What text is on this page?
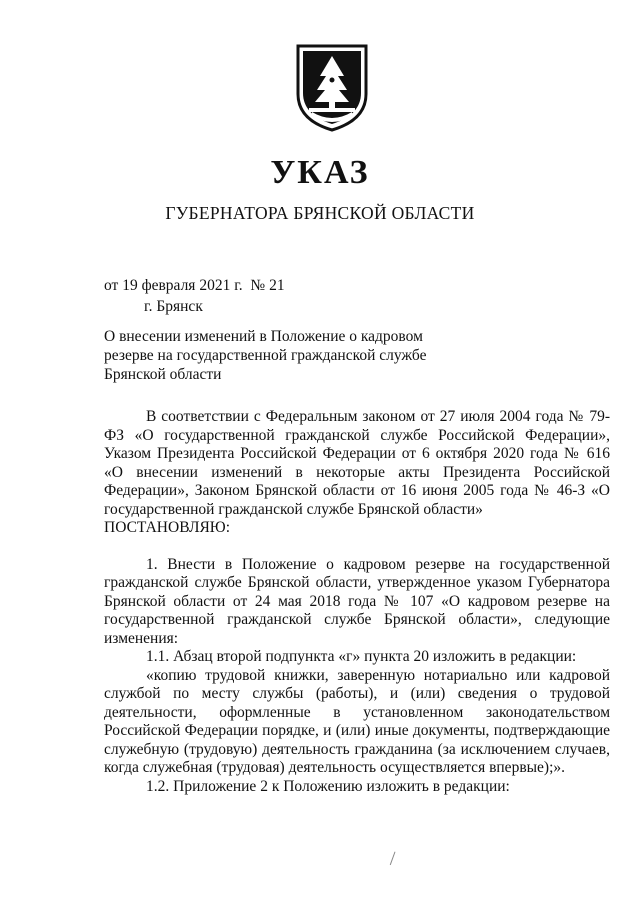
УКАЗ
ГУБЕРНАТОРА БРЯНСКОЙ ОБЛАСТИ
от 19 февраля 2021 г.  № 21
г. Брянск
О внесении изменений в Положение о кадровом резерве на государственной гражданской службе Брянской области

В соответствии с Федеральным законом от 27 июля 2004 года № 79-ФЗ «О государственной гражданской службе Российской Федерации», Указом Президента Российской Федерации от 6 октября 2020 года № 616 «О внесении изменений в некоторые акты Президента Российской Федерации», Законом Брянской области от 16 июня 2005 года № 46-З «О государственной гражданской службе Брянской области»

ПОСТАНОВЛЯЮ:

1. Внести в Положение о кадровом резерве на государственной гражданской службе Брянской области, утвержденное указом Губернатора Брянской области от 24 мая 2018 года № 107 «О кадровом резерве на государственной гражданской службе Брянской области», следующие изменения:

1.1. Абзац второй подпункта «г» пункта 20 изложить в редакции:

«копию трудовой книжки, заверенную нотариально или кадровой службой по месту службы (работы), и (или) сведения о трудовой деятельности, оформленные в установленном законодательством Российской Федерации порядке, и (или) иные документы, подтверждающие служебную (трудовую) деятельность гражданина (за исключением случаев, когда служебная (трудовая) деятельность осуществляется впервые);».

1.2. Приложение 2 к Положению изложить в редакции:
